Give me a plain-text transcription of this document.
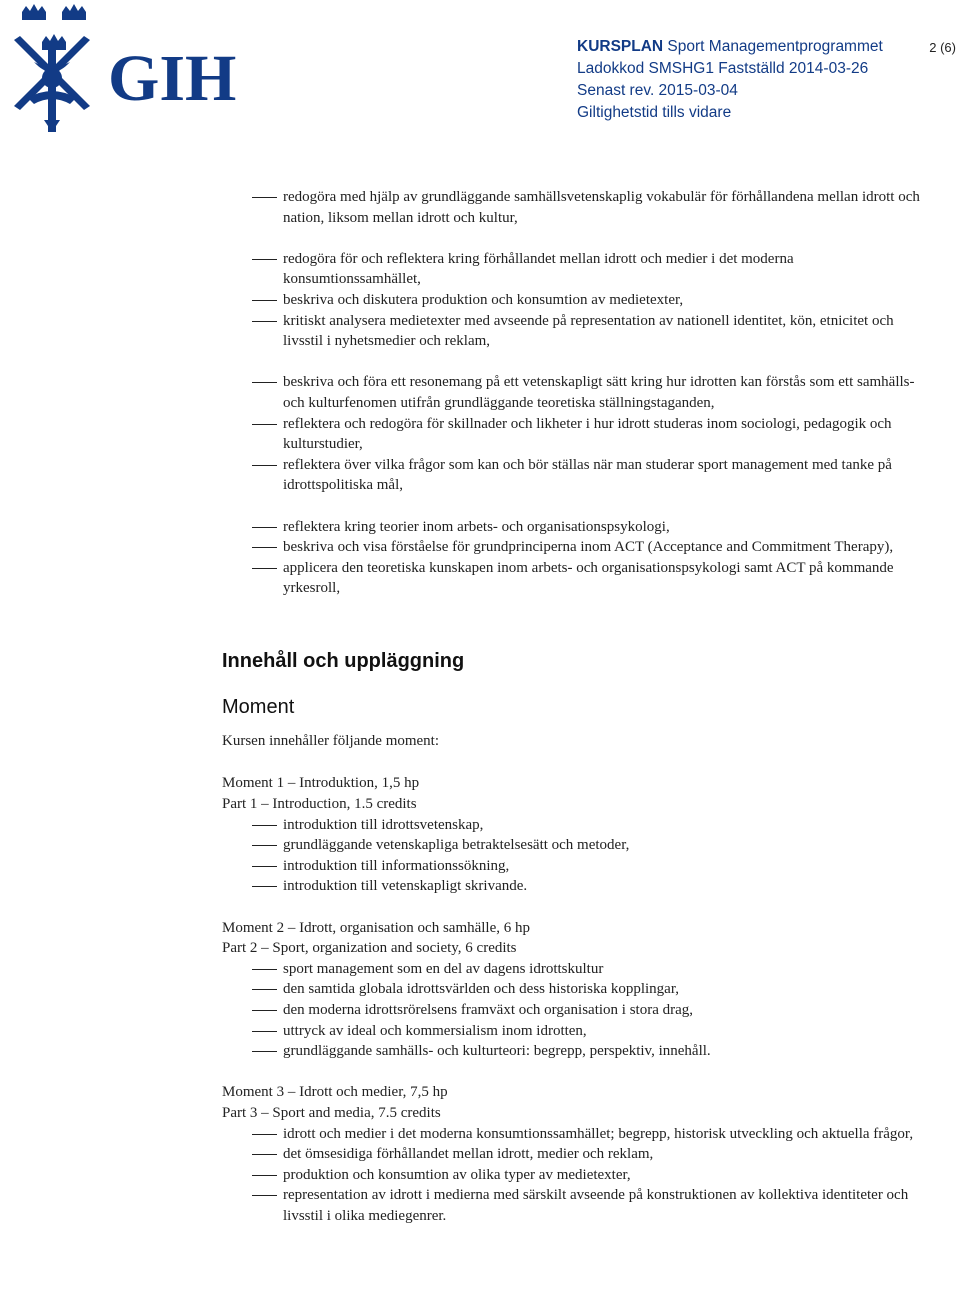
GIH	KURSPLAN Sport Managementprogrammet
Ladokkod SMSHG1 Fastställd 2014-03-26
Senast rev. 2015-03-04
Giltighetstid tills vidare
2 (6)
redogöra med hjälp av grundläggande samhällsvetenskaplig vokabulär för förhållandena mellan idrott och nation, liksom mellan idrott och kultur,
redogöra för och reflektera kring förhållandet mellan idrott och medier i det moderna konsumtionssamhället,
beskriva och diskutera produktion och konsumtion av medietexter,
kritiskt analysera medietexter med avseende på representation av nationell identitet, kön, etnicitet och livsstil i nyhetsmedier och reklam,
beskriva och föra ett resonemang på ett vetenskapligt sätt kring hur idrotten kan förstås som ett samhälls- och kulturfenomen utifrån grundläggande teoretiska ställningstaganden,
reflektera och redogöra för skillnader och likheter i hur idrott studeras inom sociologi, pedagogik och kulturstudier,
reflektera över vilka frågor som kan och bör ställas när man studerar sport management med tanke på idrottspolitiska mål,
reflektera kring teorier inom arbets- och organisationspsykologi,
beskriva och visa förståelse för grundprinciperna inom ACT (Acceptance and Commitment Therapy),
applicera den teoretiska kunskapen inom arbets- och organisationspsykologi samt ACT på kommande yrkesroll,
Innehåll och uppläggning
Moment

Kursen innehåller följande moment:

Moment 1 – Introduktion, 1,5 hp

Part 1 – Introduction, 1.5 credits

introduktion till idrottsvetenskap,
grundläggande vetenskapliga betraktelsesätt och metoder,
introduktion till informationssökning,
introduktion till vetenskapligt skrivande.

Moment 2 – Idrott, organisation och samhälle, 6 hp

Part 2 – Sport, organization and society, 6 credits

sport management som en del av dagens idrottskultur
den samtida globala idrottsvärlden och dess historiska kopplingar,
den moderna idrottsrörelsens framväxt och organisation i stora drag,
uttryck av ideal och kommersialism inom idrotten,
grundläggande samhälls- och kulturteori: begrepp, perspektiv, innehåll.

Moment 3 – Idrott och medier, 7,5 hp

Part 3 – Sport and media, 7.5 credits

idrott och medier i det moderna konsumtionssamhället; begrepp, historisk utveckling och aktuella frågor,
det ömsesidiga förhållandet mellan idrott, medier och reklam,
produktion och konsumtion av olika typer av medietexter,
representation av idrott i medierna med särskilt avseende på konstruktionen av kollektiva identiteter och livsstil i olika mediegenrer.
